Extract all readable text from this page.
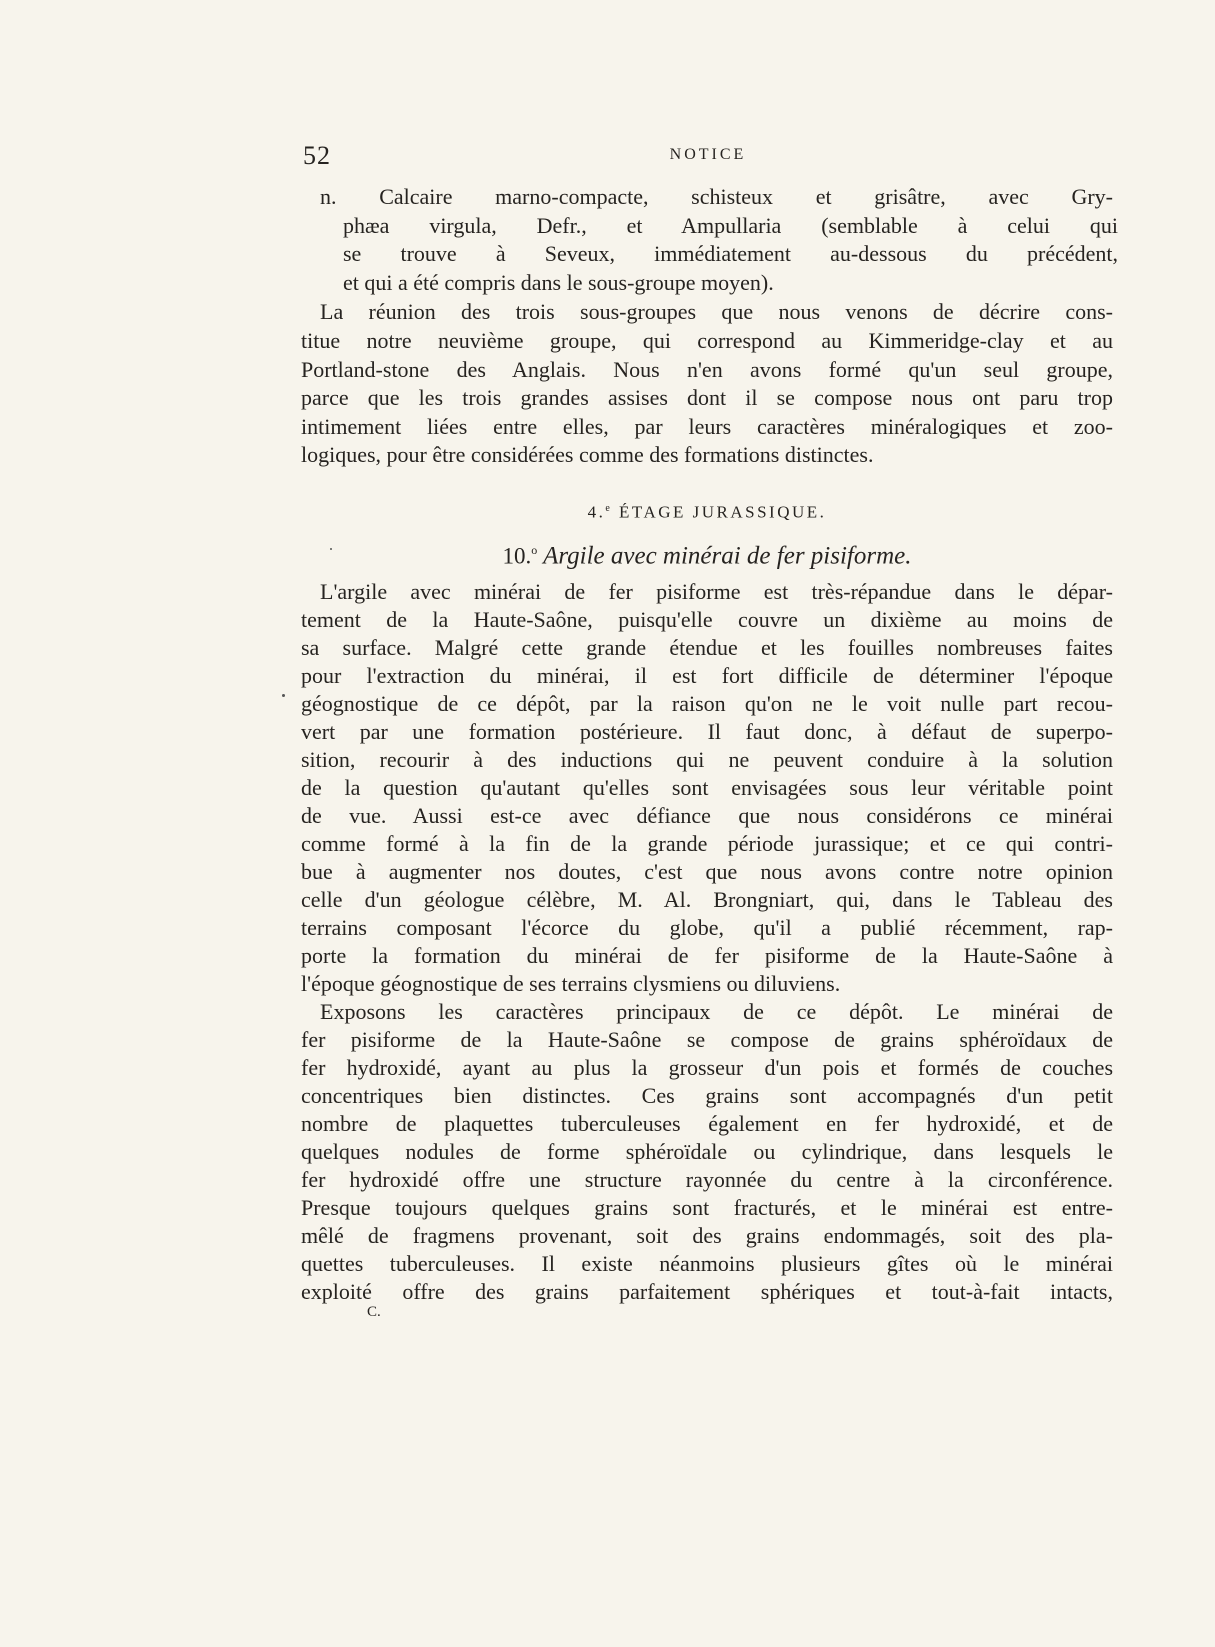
52	NOTICE
n. Calcaire marno-compacte, schisteux et grisâtre, avec Gry-
phæa virgula, Defr., et Ampullaria (semblable à celui qui
se trouve à Seveux, immédiatement au-dessous du précédent,
et qui a été compris dans le sous-groupe moyen).
La réunion des trois sous-groupes que nous venons de décrire cons-
titue notre neuvième groupe, qui correspond au Kimmeridge-clay et au
Portland-stone des Anglais. Nous n'en avons formé qu'un seul groupe,
parce que les trois grandes assises dont il se compose nous ont paru trop
intimement liées entre elles, par leurs caractères minéralogiques et zoo-
logiques, pour être considérées comme des formations distinctes.
4.$^e$ ÉTAGE JURASSIQUE.
10.$^o$ Argile avec minérai de fer pisiforme.
L'argile avec minérai de fer pisiforme est très-répandue dans le dépar-
tement de la Haute-Saône, puisqu'elle couvre un dixième au moins de
sa surface. Malgré cette grande étendue et les fouilles nombreuses faites
pour l'extraction du minérai, il est fort difficile de déterminer l'époque
géognostique de ce dépôt, par la raison qu'on ne le voit nulle part recou-
vert par une formation postérieure. Il faut donc, à défaut de superpo-
sition, recourir à des inductions qui ne peuvent conduire à la solution
de la question qu'autant qu'elles sont envisagées sous leur véritable point
de vue. Aussi est-ce avec défiance que nous considérons ce minérai
comme formé à la fin de la grande période jurassique; et ce qui contri-
bue à augmenter nos doutes, c'est que nous avons contre notre opinion
celle d'un géologue célèbre, M. Al. Brongniart, qui, dans le Tableau des
terrains composant l'écorce du globe, qu'il a publié récemment, rap-
porte la formation du minérai de fer pisiforme de la Haute-Saône à
l'époque géognostique de ses terrains clysmiens ou diluviens.
Exposons les caractères principaux de ce dépôt. Le minérai de
fer pisiforme de la Haute-Saône se compose de grains sphéroïdaux de
fer hydroxidé, ayant au plus la grosseur d'un pois et formés de couches
concentriques bien distinctes. Ces grains sont accompagnés d'un petit
nombre de plaquettes tuberculeuses également en fer hydroxidé, et de
quelques nodules de forme sphéroïdale ou cylindrique, dans lesquels le
fer hydroxidé offre une structure rayonnée du centre à la circonférence.
Presque toujours quelques grains sont fracturés, et le minérai est entre-
mêlé de fragmens provenant, soit des grains endommagés, soit des pla-
quettes tuberculeuses. Il existe néanmoins plusieurs gîtes où le minérai
exploité offre des grains parfaitement sphériques et tout-à-fait intacts,
C.
